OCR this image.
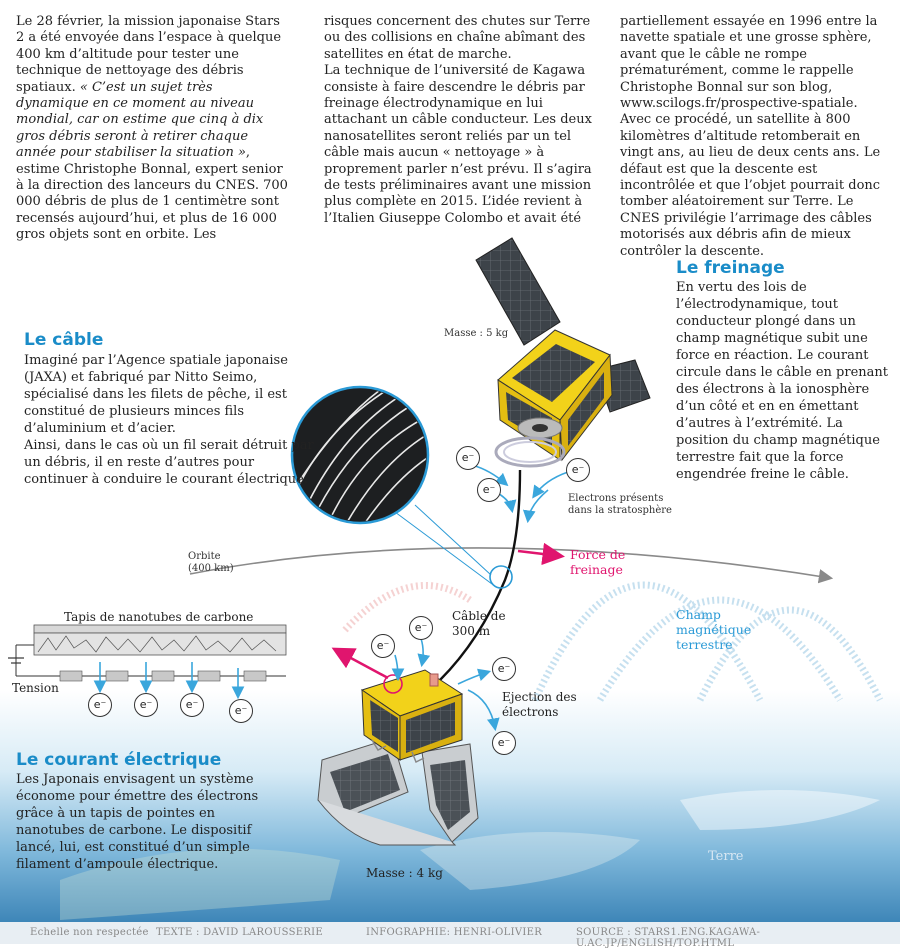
e⁻
e⁻
e⁻
e⁻
e⁻
e⁻
e⁻
e⁻	e⁻	e⁻	e⁻

Le 28 février, la mission japonaise Stars 2 a été envoyée dans l’espace à quelque 400 km d’altitude pour tester une technique de nettoyage des débris spatiaux. « C’est un sujet très dynamique en ce moment au niveau mondial, car on estime que cinq à dix gros débris seront à retirer chaque année pour stabiliser la situation », estime Christophe Bonnal, expert senior à la direction des lanceurs du CNES. 700 000 débris de plus de 1 centimètre sont recensés aujourd’hui, et plus de 16 000 gros objets sont en orbite. Les

risques concernent des chutes sur Terre ou des collisions en chaîne abîmant des satellites en état de marche.

La technique de l’université de Kagawa consiste à faire descendre le débris par freinage électrodynamique en lui attachant un câble conducteur. Les deux nanosatellites seront reliés par un tel câble mais aucun « nettoyage » à proprement parler n’est prévu. Il s’agira de tests préliminaires avant une mission plus complète en 2015. L’idée revient à l’Italien Giuseppe Colombo et avait été

partiellement essayée en 1996 entre la navette spatiale et une grosse sphère, avant que le câble ne rompe prématurément, comme le rappelle Christophe Bonnal sur son blog, www.scilogs.fr/prospective-spatiale.

Avec ce procédé, un satellite à 800 kilomètres d’altitude retomberait en vingt ans, au lieu de deux cents ans. Le défaut est que la descente est incontrôlée et que l’objet pourrait donc tomber aléatoirement sur Terre. Le CNES privilégie l’arrimage des câbles motorisés aux débris afin de mieux contrôler la descente.

Le câble
Imaginé par l’Agence spatiale japonaise (JAXA) et fabriqué par Nitto Seimo, spécialisé dans les filets de pêche, il est constitué de plusieurs minces fils d’aluminium et d’acier.
Ainsi, dans le cas où un fil serait détruit par un débris, il en reste d’autres pour continuer à conduire le courant électrique.
Le freinage
En vertu des lois de l’électrodynamique, tout conducteur plongé dans un champ magnétique subit une force en réaction. Le courant circule dans le câble en prenant des électrons à la ionosphère d’un côté et en en émettant d’autres à l’extrémité. La position du champ magnétique terrestre fait que la force engendrée freine le câble.
Le courant électrique
Les Japonais envisagent un système économe pour émettre des électrons grâce à un tapis de pointes en nanotubes de carbone. Le dispositif lancé, lui, est constitué d’un simple filament d’ampoule électrique.
Masse : 5 kg
Electrons présents dans la stratosphère
Orbite (400 km)
Force de freinage
Câble de 300 m
Champ magnétique terrestre
Ejection des électrons
Tapis de nanotubes de carbone
Tension
Masse : 4 kg
Terre
Echelle non respectée TEXTE : DAVID LAROUSSERIE	INFOGRAPHIE: HENRI-OLIVIER	SOURCE : STARS1.ENG.KAGAWA-U.AC.JP/ENGLISH/TOP.HTML
